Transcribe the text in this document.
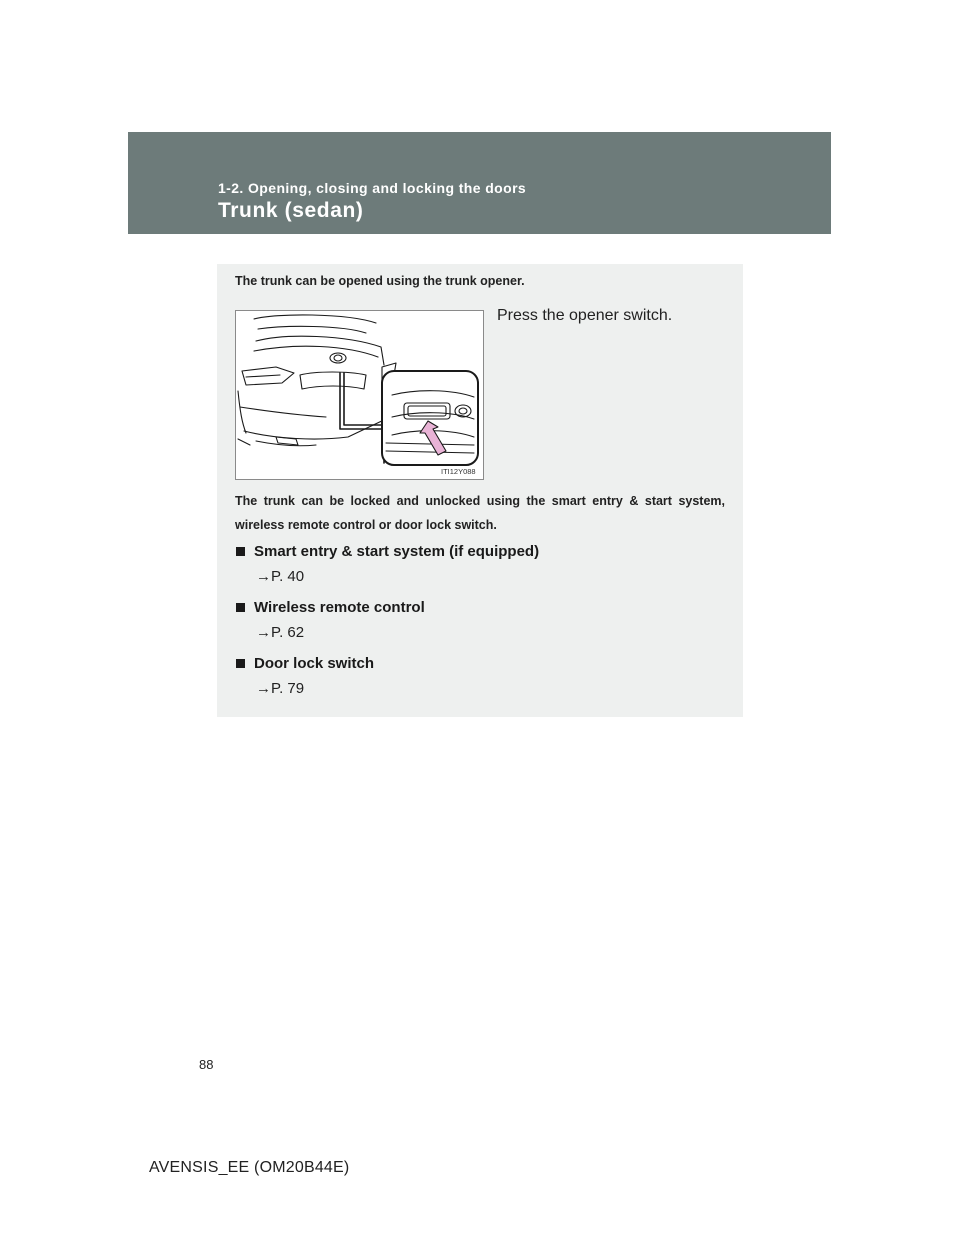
1-2. Opening, closing and locking the doors
Trunk (sedan)
The trunk can be opened using the trunk opener.
ITI12Y088
Press the opener switch.
The trunk can be locked and unlocked using the smart entry & start system, wireless remote control or door lock switch.
Smart entry & start system (if equipped)
→P. 40
Wireless remote control
→P. 62
Door lock switch
→P. 79
88
AVENSIS_EE (OM20B44E)
